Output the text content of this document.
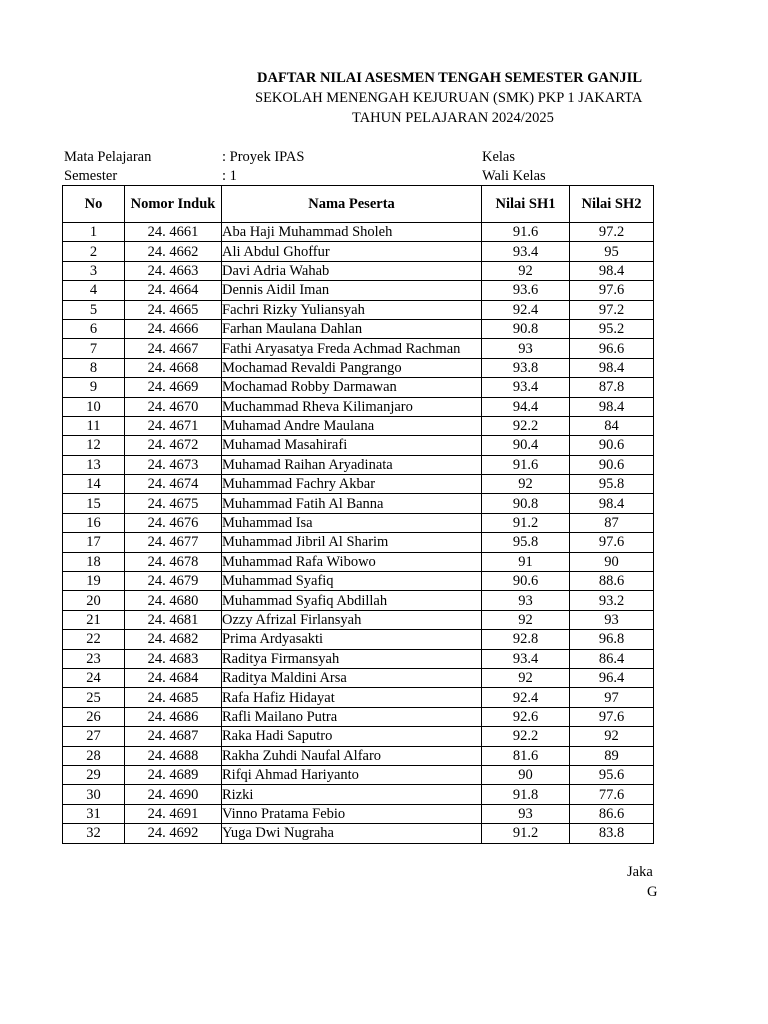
DAFTAR NILAI ASESMEN TENGAH SEMESTER GANJIL
SEKOLAH MENENGAH KEJURUAN (SMK) PKP 1 JAKARTA
TAHUN PELAJARAN 2024/2025
Mata Pelajaran	: Proyek IPAS	Kelas
Semester	: 1	Wali Kelas
No	Nomor Induk	Nama Peserta	Nilai SH1	Nilai SH2
1	24. 4661	Aba Haji Muhammad Sholeh	91.6	97.2
2	24. 4662	Ali Abdul Ghoffur	93.4	95
3	24. 4663	Davi Adria Wahab	92	98.4
4	24. 4664	Dennis Aidil Iman	93.6	97.6
5	24. 4665	Fachri Rizky Yuliansyah	92.4	97.2
6	24. 4666	Farhan Maulana Dahlan	90.8	95.2
7	24. 4667	Fathi Aryasatya Freda Achmad Rachman	93	96.6
8	24. 4668	Mochamad Revaldi Pangrango	93.8	98.4
9	24. 4669	Mochamad Robby Darmawan	93.4	87.8
10	24. 4670	Muchammad Rheva Kilimanjaro	94.4	98.4
11	24. 4671	Muhamad Andre Maulana	92.2	84
12	24. 4672	Muhamad Masahirafi	90.4	90.6
13	24. 4673	Muhamad Raihan Aryadinata	91.6	90.6
14	24. 4674	Muhammad Fachry Akbar	92	95.8
15	24. 4675	Muhammad Fatih Al Banna	90.8	98.4
16	24. 4676	Muhammad Isa	91.2	87
17	24. 4677	Muhammad Jibril Al Sharim	95.8	97.6
18	24. 4678	Muhammad Rafa Wibowo	91	90
19	24. 4679	Muhammad Syafiq	90.6	88.6
20	24. 4680	Muhammad Syafiq Abdillah	93	93.2
21	24. 4681	Ozzy Afrizal Firlansyah	92	93
22	24. 4682	Prima Ardyasakti	92.8	96.8
23	24. 4683	Raditya Firmansyah	93.4	86.4
24	24. 4684	Raditya Maldini Arsa	92	96.4
25	24. 4685	Rafa Hafiz Hidayat	92.4	97
26	24. 4686	Rafli Mailano Putra	92.6	97.6
27	24. 4687	Raka Hadi Saputro	92.2	92
28	24. 4688	Rakha Zuhdi Naufal Alfaro	81.6	89
29	24. 4689	Rifqi Ahmad Hariyanto	90	95.6
30	24. 4690	Rizki	91.8	77.6
31	24. 4691	Vinno Pratama Febio	93	86.6
32	24. 4692	Yuga Dwi Nugraha	91.2	83.8
Jaka
G
